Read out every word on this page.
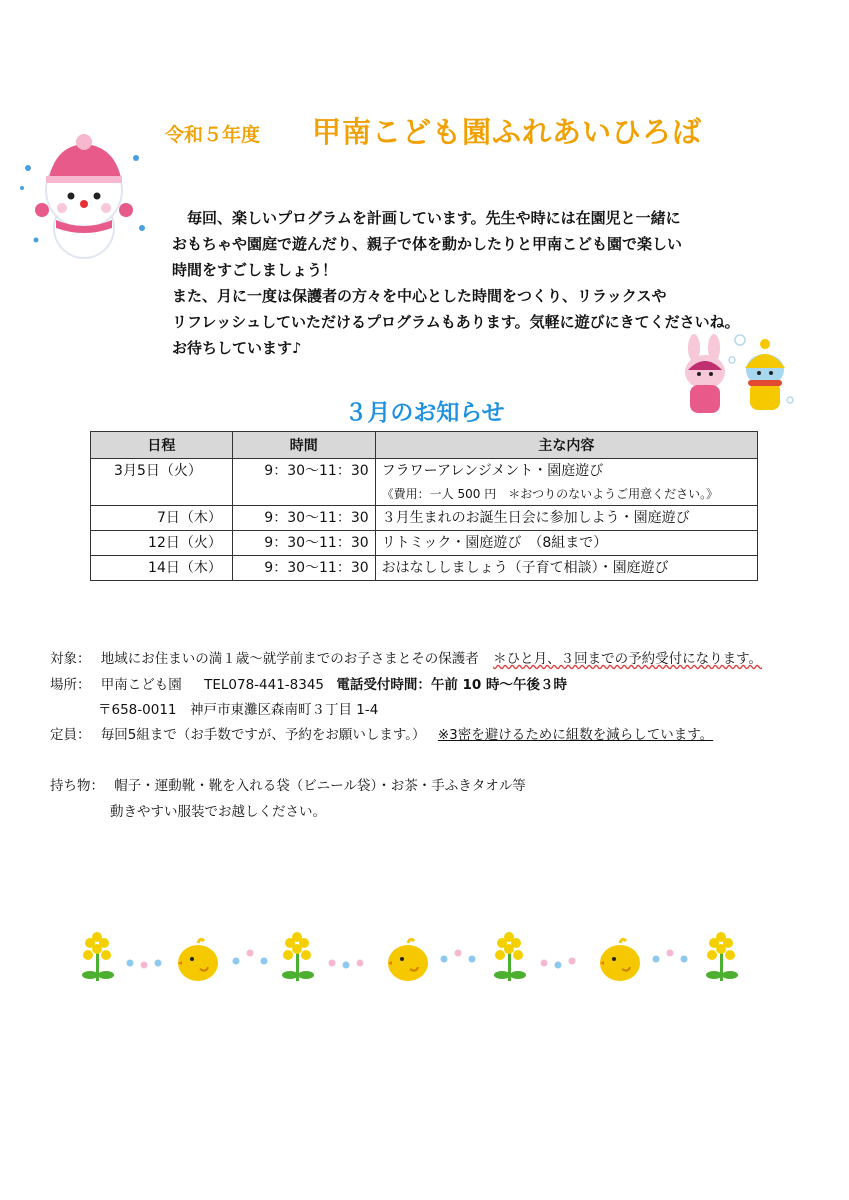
令和５年度 甲南こども園ふれあいひろば

　毎回、楽しいプログラムを計画しています。先生や時には在園児と一緒に

おもちゃや園庭で遊んだり、親子で体を動かしたりと甲南こども園で楽しい

時間をすごしましょう！

また、月に一度は保護者の方々を中心とした時間をつくり、リラックスや

リフレッシュしていただけるプログラムもあります。気軽に遊びにきてくださいね。

お待ちしています♪

３月のお知らせ
日程	時間	主な内容
3月5日（火）	9：30～11：30	フラワーアレンジメント・園庭遊び
《費用：一人 500 円　＊おつりのないようご用意ください。》

7日（木）	9：30～11：30	３月生まれのお誕生日会に参加しよう・園庭遊び
12日（火）	9：30～11：30	リトミック・園庭遊び　（8組まで）
14日（木）	9：30～11：30	おはなししましょう（子育て相談）・園庭遊び
対象： 地域にお住まいの満１歳～就学前までのお子さまとその保護者 ＊ひと月、３回までの予約受付になります。
場所： 甲南こども園 TEL078-441-8345 電話受付時間：午前 10 時～午後３時
〒658-0011　神戸市東灘区森南町３丁目 1-4
定員： 毎回5組まで（お手数ですが、予約をお願いします。） ※3密を避けるために組数を減らしています。
持ち物： 帽子・運動靴・靴を入れる袋（ビニール袋）・お茶・手ふきタオル等
動きやすい服装でお越しください。
